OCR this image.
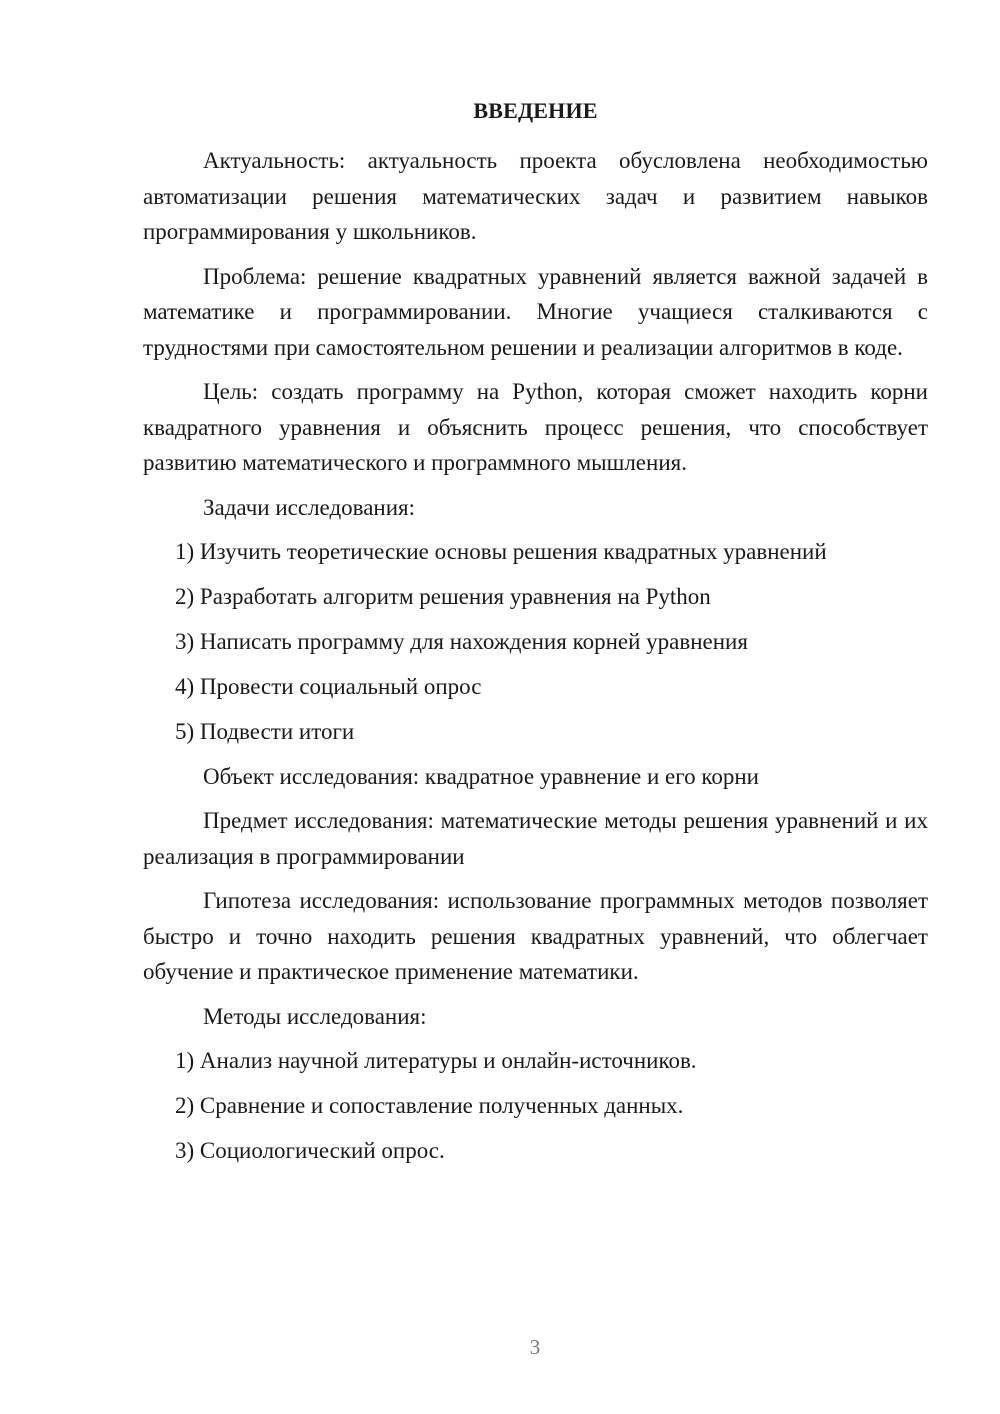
ВВЕДЕНИЕ

Актуальность: актуальность проекта обусловлена необходимостью автоматизации решения математических задач и развитием навыков программирования у школьников.

Проблема: решение квадратных уравнений является важной задачей в математике и программировании. Многие учащиеся сталкиваются с трудностями при самостоятельном решении и реализации алгоритмов в коде.

Цель: создать программу на Python, которая сможет находить корни квадратного уравнения и объяснить процесс решения, что способствует развитию математического и программного мышления.

Задачи исследования:

1) Изучить теоретические основы решения квадратных уравнений
2) Разработать алгоритм решения уравнения на Python
3) Написать программу для нахождения корней уравнения
4) Провести социальный опрос
5) Подвести итоги

Объект исследования: квадратное уравнение и его корни

Предмет исследования: математические методы решения уравнений и их реализация в программировании

Гипотеза исследования: использование программных методов позволяет быстро и точно находить решения квадратных уравнений, что облегчает обучение и практическое применение математики.

Методы исследования:

1) Анализ научной литературы и онлайн-источников.
2) Сравнение и сопоставление полученных данных.
3) Социологический опрос.
3
